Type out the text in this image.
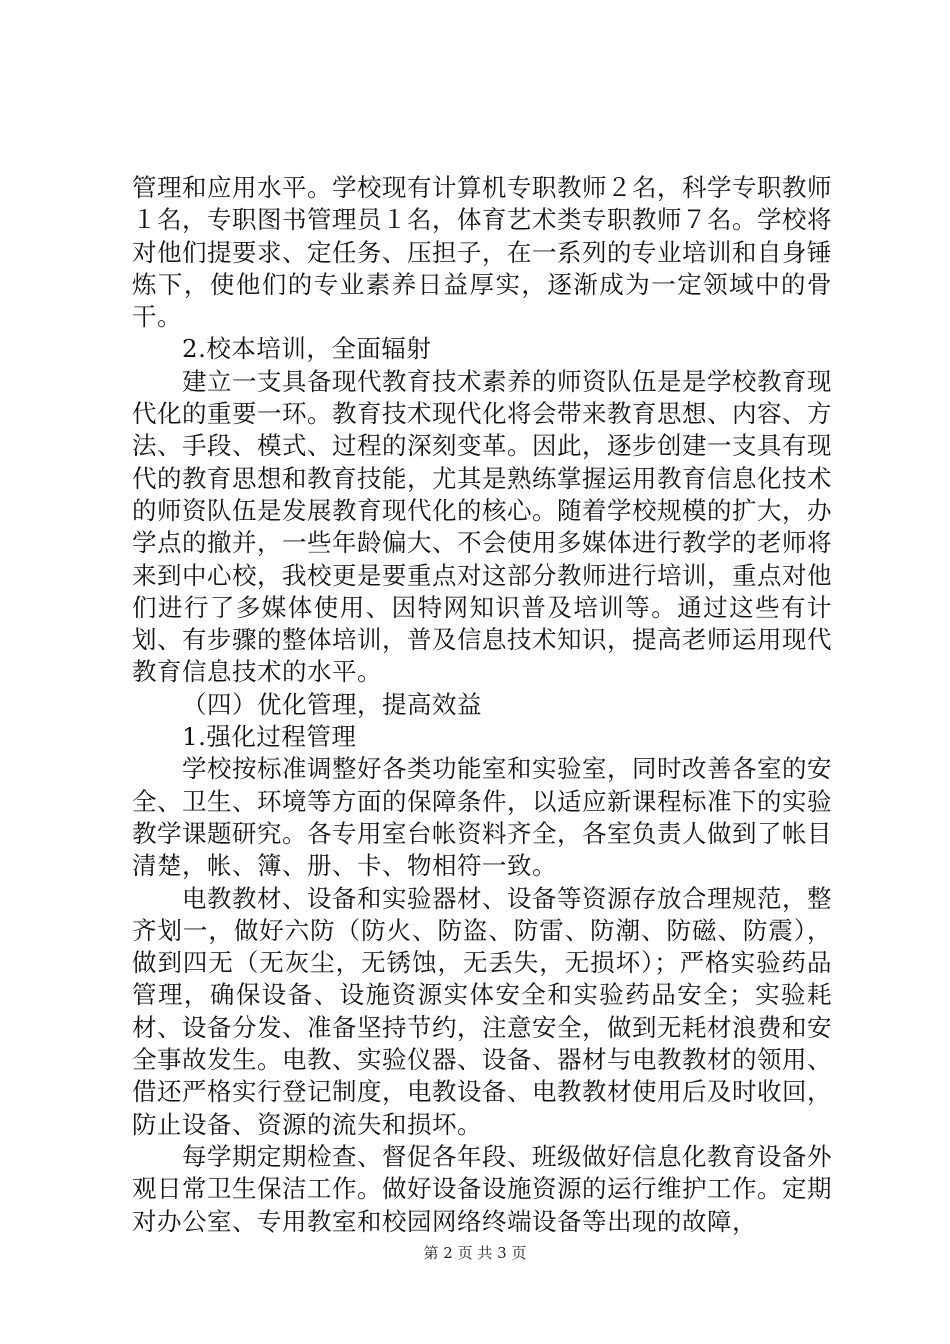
管理和应用水平。学校现有计算机专职教师２名，科学专职教师１名，专职图书管理员１名，体育艺术类专职教师７名。学校将对他们提要求、定任务、压担子，在一系列的专业培训和自身锤炼下，使他们的专业素养日益厚实，逐渐成为一定领域中的骨干。

2.校本培训，全面辐射

建立一支具备现代教育技术素养的师资队伍是是学校教育现代化的重要一环。教育技术现代化将会带来教育思想、内容、方法、手段、模式、过程的深刻变革。因此，逐步创建一支具有现代的教育思想和教育技能，尤其是熟练掌握运用教育信息化技术的师资队伍是发展教育现代化的核心。随着学校规模的扩大，办学点的撤并，一些年龄偏大、不会使用多媒体进行教学的老师将来到中心校，我校更是要重点对这部分教师进行培训，重点对他们进行了多媒体使用、因特网知识普及培训等。通过这些有计划、有步骤的整体培训，普及信息技术知识，提高老师运用现代教育信息技术的水平。

（四）优化管理，提高效益

1.强化过程管理

学校按标准调整好各类功能室和实验室，同时改善各室的安全、卫生、环境等方面的保障条件，以适应新课程标准下的实验教学课题研究。各专用室台帐资料齐全，各室负责人做到了帐目清楚，帐、簿、册、卡、物相符一致。

电教教材、设备和实验器材、设备等资源存放合理规范，整齐划一，做好六防（防火、防盗、防雷、防潮、防磁、防震），做到四无（无灰尘，无锈蚀，无丢失，无损坏）；严格实验药品管理，确保设备、设施资源实体安全和实验药品安全；实验耗材、设备分发、准备坚持节约，注意安全，做到无耗材浪费和安全事故发生。电教、实验仪器、设备、器材与电教教材的领用、借还严格实行登记制度，电教设备、电教教材使用后及时收回，防止设备、资源的流失和损坏。

每学期定期检查、督促各年段、班级做好信息化教育设备外观日常卫生保洁工作。做好设备设施资源的运行维护工作。定期对办公室、专用教室和校园网络终端设备等出现的故障，

第 2 页 共 3 页
